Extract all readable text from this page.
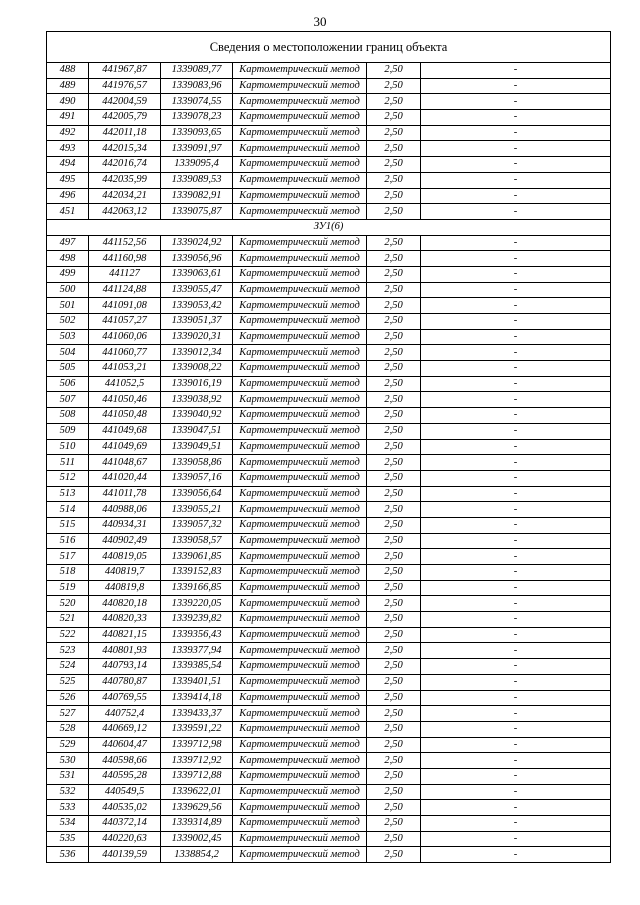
30
Сведения о местоположении границ объекта					
488	441967,87	1339089,77	Картометрический метод	2,50	-
489	441976,57	1339083,96	Картометрический метод	2,50	-
490	442004,59	1339074,55	Картометрический метод	2,50	-
491	442005,79	1339078,23	Картометрический метод	2,50	-
492	442011,18	1339093,65	Картометрический метод	2,50	-
493	442015,34	1339091,97	Картометрический метод	2,50	-
494	442016,74	1339095,4	Картометрический метод	2,50	-
495	442035,99	1339089,53	Картометрический метод	2,50	-
496	442034,21	1339082,91	Картометрический метод	2,50	-
451	442063,12	1339075,87	Картометрический метод	2,50	-
ЗУ1(6)					
497	441152,56	1339024,92	Картометрический метод	2,50	-
498	441160,98	1339056,96	Картометрический метод	2,50	-
499	441127	1339063,61	Картометрический метод	2,50	-
500	441124,88	1339055,47	Картометрический метод	2,50	-
501	441091,08	1339053,42	Картометрический метод	2,50	-
502	441057,27	1339051,37	Картометрический метод	2,50	-
503	441060,06	1339020,31	Картометрический метод	2,50	-
504	441060,77	1339012,34	Картометрический метод	2,50	-
505	441053,21	1339008,22	Картометрический метод	2,50	-
506	441052,5	1339016,19	Картометрический метод	2,50	-
507	441050,46	1339038,92	Картометрический метод	2,50	-
508	441050,48	1339040,92	Картометрический метод	2,50	-
509	441049,68	1339047,51	Картометрический метод	2,50	-
510	441049,69	1339049,51	Картометрический метод	2,50	-
511	441048,67	1339058,86	Картометрический метод	2,50	-
512	441020,44	1339057,16	Картометрический метод	2,50	-
513	441011,78	1339056,64	Картометрический метод	2,50	-
514	440988,06	1339055,21	Картометрический метод	2,50	-
515	440934,31	1339057,32	Картометрический метод	2,50	-
516	440902,49	1339058,57	Картометрический метод	2,50	-
517	440819,05	1339061,85	Картометрический метод	2,50	-
518	440819,7	1339152,83	Картометрический метод	2,50	-
519	440819,8	1339166,85	Картометрический метод	2,50	-
520	440820,18	1339220,05	Картометрический метод	2,50	-
521	440820,33	1339239,82	Картометрический метод	2,50	-
522	440821,15	1339356,43	Картометрический метод	2,50	-
523	440801,93	1339377,94	Картометрический метод	2,50	-
524	440793,14	1339385,54	Картометрический метод	2,50	-
525	440780,87	1339401,51	Картометрический метод	2,50	-
526	440769,55	1339414,18	Картометрический метод	2,50	-
527	440752,4	1339433,37	Картометрический метод	2,50	-
528	440669,12	1339591,22	Картометрический метод	2,50	-
529	440604,47	1339712,98	Картометрический метод	2,50	-
530	440598,66	1339712,92	Картометрический метод	2,50	-
531	440595,28	1339712,88	Картометрический метод	2,50	-
532	440549,5	1339622,01	Картометрический метод	2,50	-
533	440535,02	1339629,56	Картометрический метод	2,50	-
534	440372,14	1339314,89	Картометрический метод	2,50	-
535	440220,63	1339002,45	Картометрический метод	2,50	-
536	440139,59	1338854,2	Картометрический метод	2,50	-
